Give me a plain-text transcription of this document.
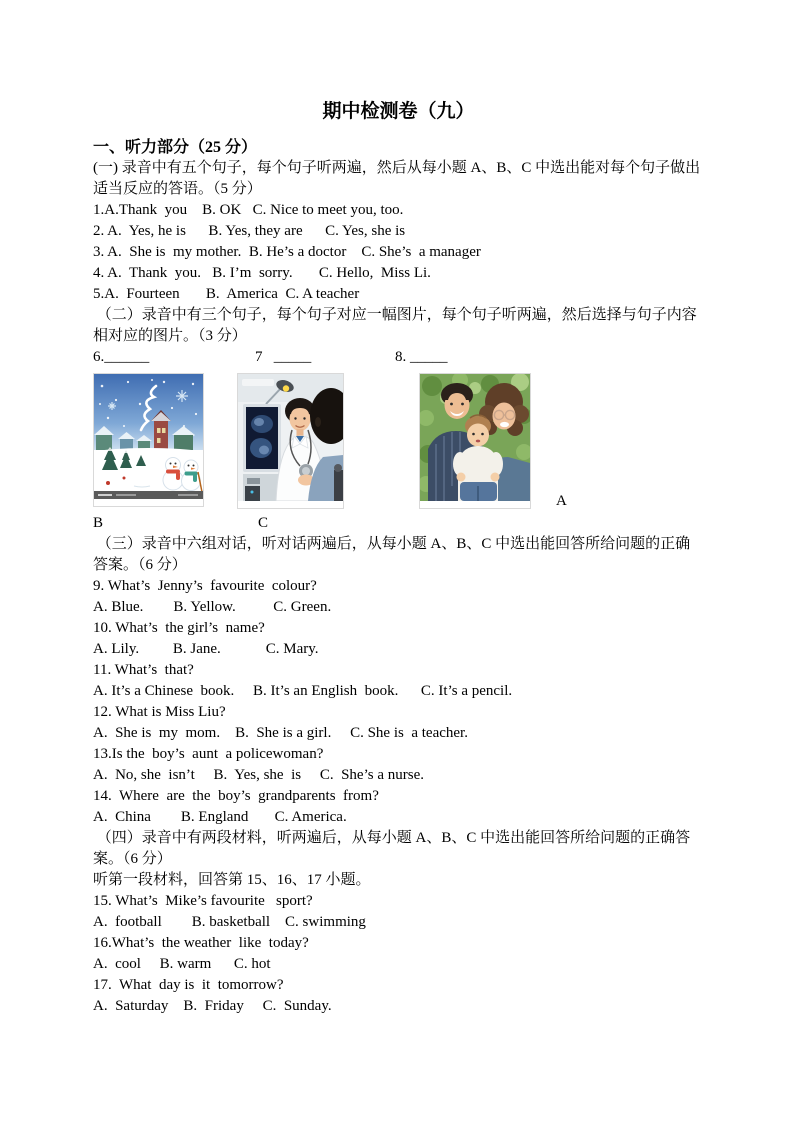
期中检测卷（九）
一、听力部分（25 分）

(一) 录音中有五个句子，每个句子听两遍，然后从每小题 A、B、C 中选出能对每个句子做出适当反应的答语。（5 分）

1.A.Thank  you    B. OK   C. Nice to meet you, too.
2. A.  Yes, he is      B. Yes, they are      C. Yes, she is
3. A.  She is  my mother.  B. He’s a doctor    C. She’s  a manager
4. A.  Thank  you.   B. I’m  sorry.       C. Hello,  Miss Li.
5.A.  Fourteen       B.  America  C. A teacher

（二）录音中有三个句子，每个句子对应一幅图片，每个句子听两遍，然后选择与句子内容相对应的图片。（3 分）

6.______	7   _____	8. _____
A
B	C

（三）录音中六组对话，听对话两遍后，从每小题 A、B、C 中选出能回答所给问题的正确答案。（6 分）

9. What’s  Jenny’s  favourite  colour?
A. Blue.        B. Yellow.          C. Green.
10. What’s  the girl’s  name?
A. Lily.         B. Jane.            C. Mary.
11. What’s  that?
A. It’s a Chinese  book.     B. It’s an English  book.      C. It’s a pencil.
12. What is Miss Liu?
A.  She is  my  mom.    B.  She is a girl.     C. She is  a teacher.
13.Is the  boy’s  aunt  a policewoman?
A.  No, she  isn’t     B.  Yes, she  is     C.  She’s a nurse.
14.  Where  are  the  boy’s  grandparents  from?
A.  China        B. England       C. America.

（四）录音中有两段材料，听两遍后，从每小题 A、B、C 中选出能回答所给问题的正确答案。（6 分）

听第一段材料，回答第 15、16、17 小题。
15. What’s  Mike’s favourite   sport?
A.  football        B. basketball    C. swimming
16.What’s  the weather  like  today?
A.  cool     B. warm      C. hot
17.  What  day is  it  tomorrow?
A.  Saturday    B.  Friday     C.  Sunday.
